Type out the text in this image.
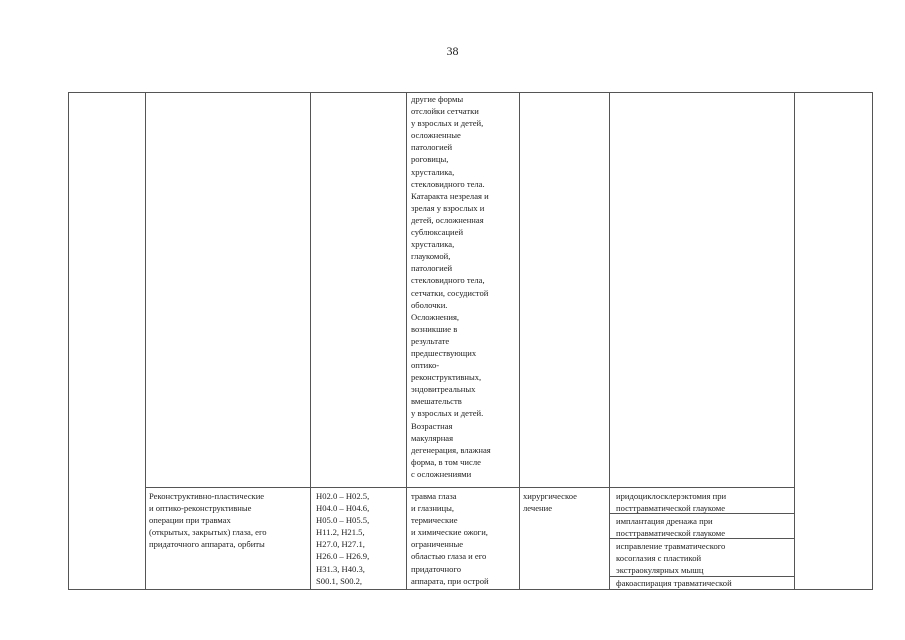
38
другие формы
отслойки сетчатки
у взрослых и детей,
осложненные
патологией
роговицы,
хрусталика,
стекловидного тела.
Катаракта незрелая и
зрелая у взрослых и
детей, осложненная
сублюксацией
хрусталика,
глаукомой,
патологией
стекловидного тела,
сетчатки, сосудистой
оболочки.
Осложнения,
возникшие в
результате
предшествующих
оптико-
реконструктивных,
эндовитреальных
вмешательств
у взрослых и детей.
Возрастная
макулярная
дегенерация, влажная
форма, в том числе
с осложнениями
Реконструктивно-пластические
и оптико-реконструктивные
операции при травмах
(открытых, закрытых) глаза, его
придаточного аппарата, орбиты
H02.0 – H02.5,
H04.0 – H04.6,
H05.0 – H05.5,
H11.2, H21.5,
H27.0, H27.1,
H26.0 – H26.9,
H31.3, H40.3,
S00.1, S00.2,
травма глаза
и глазницы,
термические
и химические ожоги,
ограниченные
областью глаза и его
придаточного
аппарата, при острой
хирургическое
лечение
иридоциклосклерэктомия при
посттравматической глаукоме
имплантация дренажа при
посттравматической глаукоме
исправление травматического
косоглазия с пластикой
экстраокулярных мышц
факоаспирация травматической
